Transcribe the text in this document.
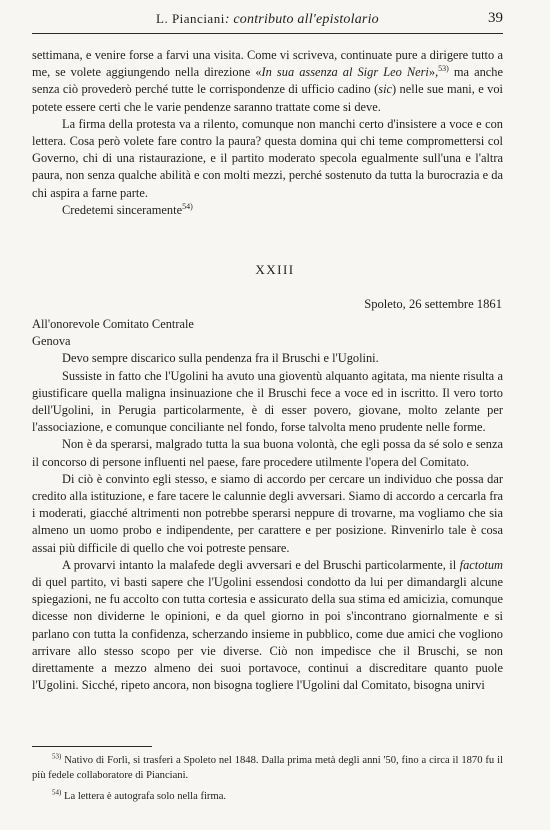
L. Pianciani: contributo all'epistolario	39

settimana, e venire forse a farvi una visita. Come vi scriveva, continuate pure a dirigere tutto a me, se volete aggiungendo nella direzione «In sua assenza al Sigr Leo Neri»,$^{53)}$ ma anche senza ciò provederò perché tutte le corrispondenze di ufficio cadino (sic) nelle sue mani, e voi potete essere certi che le varie pendenze saranno trattate come si deve.

La firma della protesta va a rilento, comunque non manchi certo d'insistere a voce e con lettera. Cosa però volete fare contro la paura? questa domina qui chi teme compromettersi col Governo, chi di una ristaurazione, e il partito moderato specola egualmente sull'una e l'altra paura, non senza qualche abilità e con molti mezzi, perché sostenuto da tutta la burocrazia e da chi aspira a farne parte.

Credetemi sinceramente$^{54)}$

XXIII
Spoleto, 26 settembre 1861

All'onorevole Comitato Centrale

Genova

Devo sempre discarico sulla pendenza fra il Bruschi e l'Ugolini.

Sussiste in fatto che l'Ugolini ha avuto una gioventù alquanto agitata, ma niente risulta a giustificare quella maligna insinuazione che il Bruschi fece a voce ed in iscritto. Il vero torto dell'Ugolini, in Perugia particolarmente, è di esser povero, giovane, molto zelante per l'associazione, e comunque conciliante nel fondo, forse talvolta meno prudente nelle forme.

Non è da sperarsi, malgrado tutta la sua buona volontà, che egli possa da sé solo e senza il concorso di persone influenti nel paese, fare procedere utilmente l'opera del Comitato.

Di ciò è convinto egli stesso, e siamo di accordo per cercare un individuo che possa dar credito alla istituzione, e fare tacere le calunnie degli avversari. Siamo di accordo a cercarla fra i moderati, giacché altrimenti non potrebbe sperarsi neppure di trovarne, ma vogliamo che sia almeno un uomo probo e indipendente, per carattere e per posizione. Rinvenirlo tale è cosa assai più difficile di quello che voi potreste pensare.

A provarvi intanto la malafede degli avversari e del Bruschi particolarmente, il factotum di quel partito, vi basti sapere che l'Ugolini essendosi condotto da lui per dimandargli alcune spiegazioni, ne fu accolto con tutta cortesia e assicurato della sua stima ed amicizia, comunque dicesse non dividerne le opinioni, e da quel giorno in poi s'incontrano giornalmente e si parlano con tutta la confidenza, scherzando insieme in pubblico, come due amici che vogliono arrivare allo stesso scopo per vie diverse. Ciò non impedisce che il Bruschi, se non direttamente a mezzo almeno dei suoi portavoce, continui a discreditare quanto puole l'Ugolini. Sicché, ripeto ancora, non bisogna togliere l'Ugolini dal Comitato, bisogna unirvi

$^{53)}$ Nativo di Forlì, si trasferì a Spoleto nel 1848. Dalla prima metà degli anni '50, fino a circa il 1870 fu il più fedele collaboratore di Pianciani.

$^{54)}$ La lettera è autografa solo nella firma.
